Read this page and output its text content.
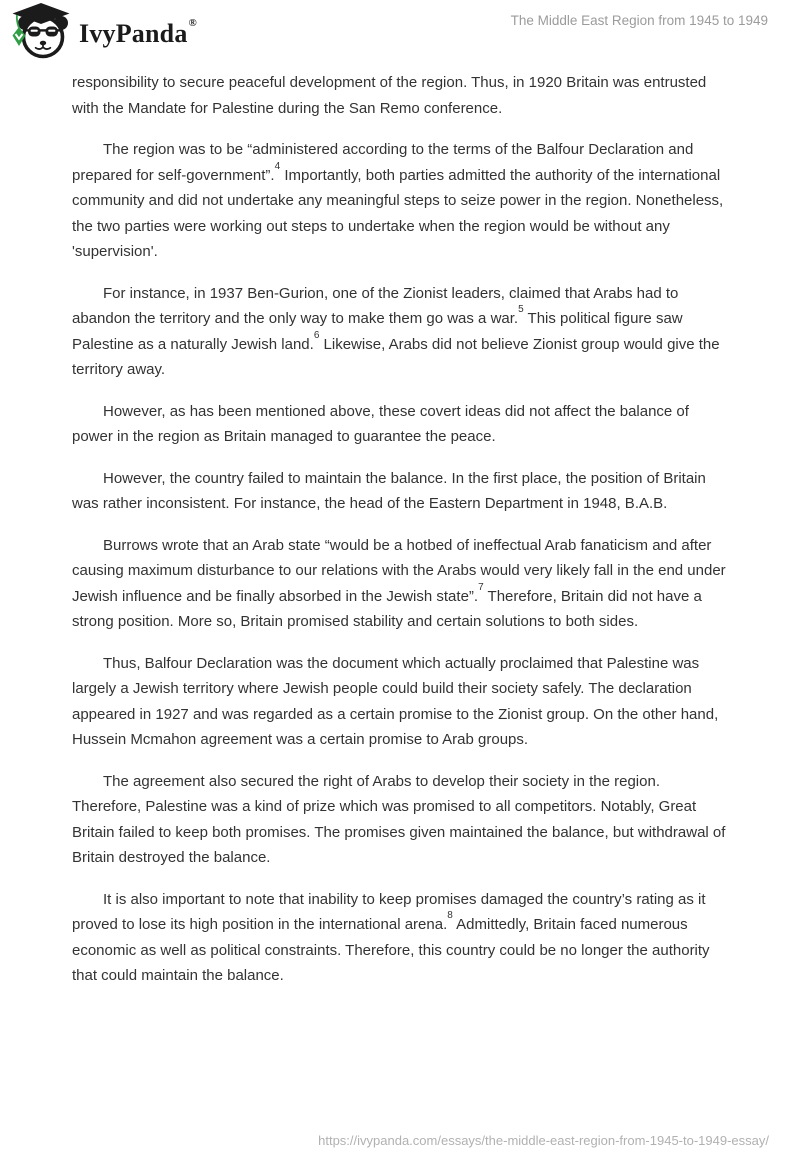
IvyPanda ®	The Middle East Region from 1945 to 1949

responsibility to secure peaceful development of the region. Thus, in 1920 Britain was entrusted with the Mandate for Palestine during the San Remo conference.

The region was to be “administered according to the terms of the Balfour Declaration and prepared for self-government”.$^4$ Importantly, both parties admitted the authority of the international community and did not undertake any meaningful steps to seize power in the region. Nonetheless, the two parties were working out steps to undertake when the region would be without any 'supervision'.

For instance, in 1937 Ben-Gurion, one of the Zionist leaders, claimed that Arabs had to abandon the territory and the only way to make them go was a war.$^5$ This political figure saw Palestine as a naturally Jewish land.$^6$ Likewise, Arabs did not believe Zionist group would give the territory away.

However, as has been mentioned above, these covert ideas did not affect the balance of power in the region as Britain managed to guarantee the peace.

However, the country failed to maintain the balance. In the first place, the position of Britain was rather inconsistent. For instance, the head of the Eastern Department in 1948, B.A.B.

Burrows wrote that an Arab state “would be a hotbed of ineffectual Arab fanaticism and after causing maximum disturbance to our relations with the Arabs would very likely fall in the end under Jewish influence and be finally absorbed in the Jewish state”.$^7$ Therefore, Britain did not have a strong position. More so, Britain promised stability and certain solutions to both sides.

Thus, Balfour Declaration was the document which actually proclaimed that Palestine was largely a Jewish territory where Jewish people could build their society safely. The declaration appeared in 1927 and was regarded as a certain promise to the Zionist group. On the other hand, Hussein Mcmahon agreement was a certain promise to Arab groups.

The agreement also secured the right of Arabs to develop their society in the region. Therefore, Palestine was a kind of prize which was promised to all competitors. Notably, Great Britain failed to keep both promises. The promises given maintained the balance, but withdrawal of Britain destroyed the balance.

It is also important to note that inability to keep promises damaged the country’s rating as it proved to lose its high position in the international arena.$^8$ Admittedly, Britain faced numerous economic as well as political constraints. Therefore, this country could be no longer the authority that could maintain the balance.

https://ivypanda.com/essays/the-middle-east-region-from-1945-to-1949-essay/
